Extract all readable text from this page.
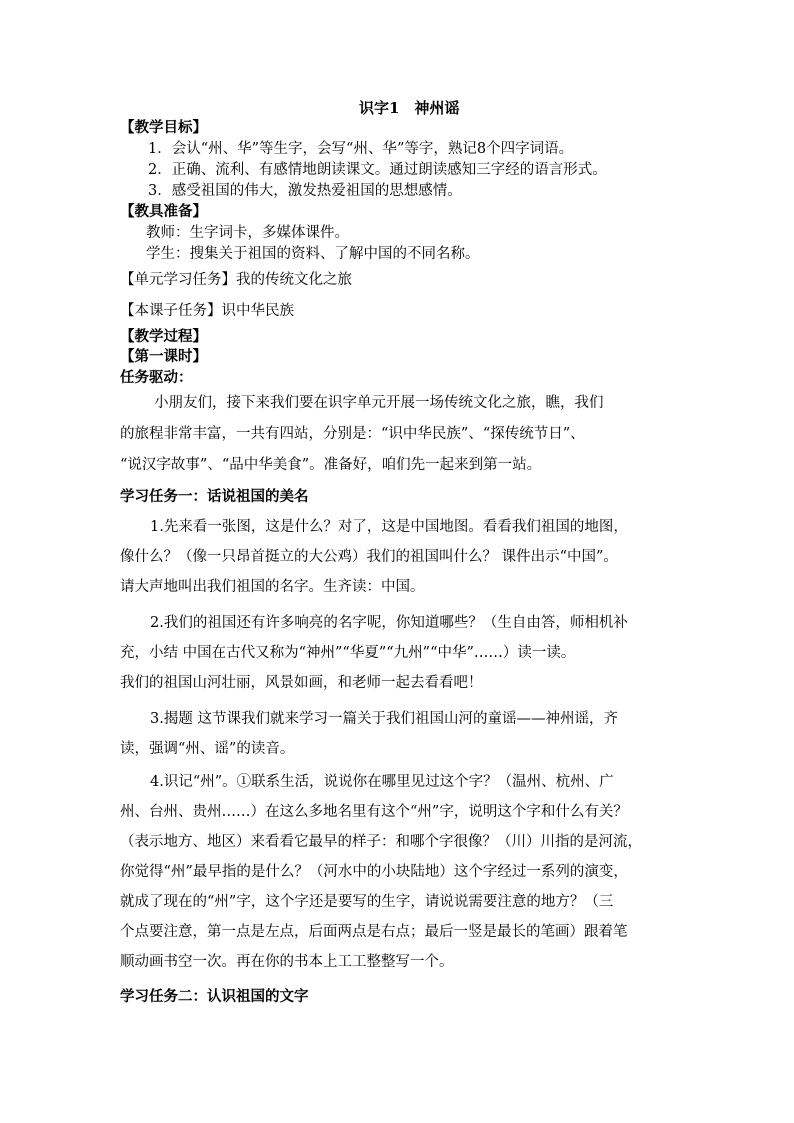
识字1　神州谣
【教学目标】
1．会认“州、华”等生字，会写“州、华”等字，熟记8个四字词语。
2．正确、流利、有感情地朗读课文。通过朗读感知三字经的语言形式。
3．感受祖国的伟大，激发热爱祖国的思想感情。
【教具准备】
教师：生字词卡，多媒体课件。
学生：搜集关于祖国的资料、了解中国的不同名称。
【单元学习任务】我的传统文化之旅
【本课子任务】识中华民族
【教学过程】
【第一课时】
任务驱动：
小朋友们，接下来我们要在识字单元开展一场传统文化之旅，瞧，我们
的旅程非常丰富，一共有四站，分别是：“识中华民族”、“探传统节日”、
“说汉字故事”、“品中华美食”。准备好，咱们先一起来到第一站。
学习任务一：话说祖国的美名
1.先来看一张图，这是什么？对了，这是中国地图。看看我们祖国的地图，
像什么？（像一只昂首挺立的大公鸡）我们的祖国叫什么？ 课件出示“中国”。
请大声地叫出我们祖国的名字。生齐读：中国。
2.我们的祖国还有许多响亮的名字呢，你知道哪些？（生自由答，师相机补
充，小结 中国在古代又称为“神州”“华夏”“九州”“中华”……）读一读。
我们的祖国山河壮丽，风景如画，和老师一起去看看吧！
3.揭题 这节课我们就来学习一篇关于我们祖国山河的童谣——神州谣，齐
读，强调“州、谣”的读音。
4.识记“州”。①联系生活，说说你在哪里见过这个字？（温州、杭州、广
州、台州、贵州……）在这么多地名里有这个“州”字，说明这个字和什么有关？
（表示地方、地区）来看看它最早的样子：和哪个字很像？（川）川指的是河流，
你觉得“州”最早指的是什么？（河水中的小块陆地）这个字经过一系列的演变，
就成了现在的“州”字，这个字还是要写的生字，请说说需要注意的地方？（三
个点要注意，第一点是左点，后面两点是右点；最后一竖是最长的笔画）跟着笔
顺动画书空一次。再在你的书本上工工整整写一个。
学习任务二：认识祖国的文字
